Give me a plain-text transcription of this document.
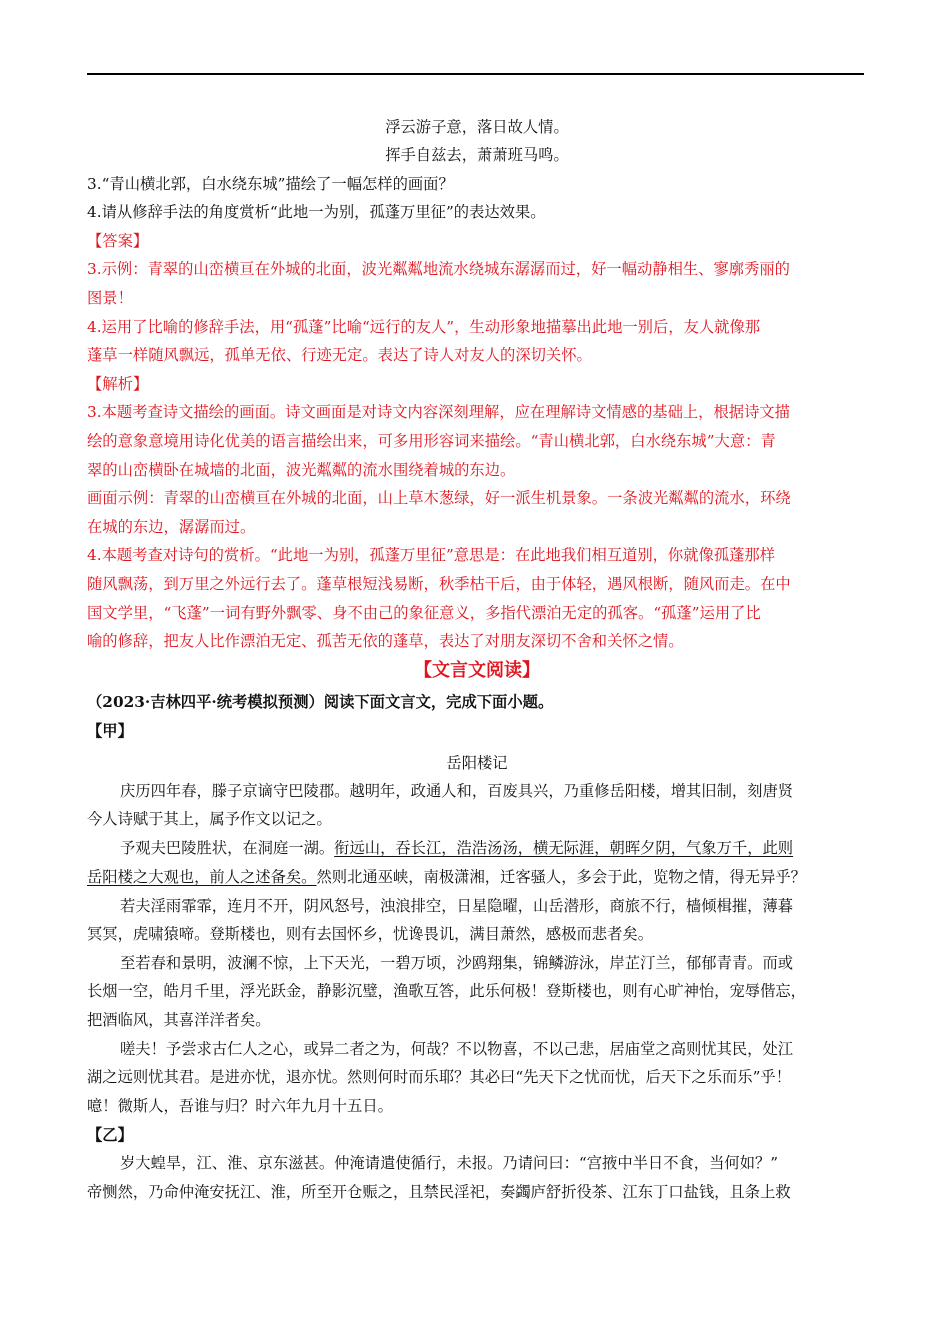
浮云游子意，落日故人情。
挥手自兹去，萧萧班马鸣。
3.“青山横北郭，白水绕东城”描绘了一幅怎样的画面？
4.请从修辞手法的角度赏析“此地一为别，孤蓬万里征”的表达效果。
【答案】
3.示例：青翠的山峦横亘在外城的北面，波光粼粼地流水绕城东潺潺而过，好一幅动静相生、寥廓秀丽的
图景！
4.运用了比喻的修辞手法，用“孤蓬”比喻“远行的友人”，生动形象地描摹出此地一别后，友人就像那
蓬草一样随风飘远，孤单无依、行迹无定。表达了诗人对友人的深切关怀。
【解析】
3.本题考查诗文描绘的画面。诗文画面是对诗文内容深刻理解，应在理解诗文情感的基础上，根据诗文描
绘的意象意境用诗化优美的语言描绘出来，可多用形容词来描绘。“青山横北郭，白水绕东城”大意：青
翠的山峦横卧在城墙的北面，波光粼粼的流水围绕着城的东边。
画面示例：青翠的山峦横亘在外城的北面，山上草木葱绿，好一派生机景象。一条波光粼粼的流水，环绕
在城的东边，潺潺而过。
4.本题考查对诗句的赏析。“此地一为别，孤蓬万里征”意思是：在此地我们相互道别，你就像孤蓬那样
随风飘荡，到万里之外远行去了。蓬草根短浅易断，秋季枯干后，由于体轻，遇风根断，随风而走。在中
国文学里，“飞蓬”一词有野外飘零、身不由己的象征意义，多指代漂泊无定的孤客。“孤蓬”运用了比
喻的修辞，把友人比作漂泊无定、孤苦无依的蓬草，表达了对朋友深切不舍和关怀之情。
【文言文阅读】
（2023·吉林四平·统考模拟预测）阅读下面文言文，完成下面小题。
【甲】
岳阳楼记
庆历四年春，滕子京谪守巴陵郡。越明年，政通人和，百废具兴，乃重修岳阳楼，增其旧制，刻唐贤
今人诗赋于其上，属予作文以记之。
予观夫巴陵胜状，在洞庭一湖。衔远山，吞长江，浩浩汤汤，横无际涯，朝晖夕阴，气象万千，此则
岳阳楼之大观也，前人之述备矣。然则北通巫峡，南极潇湘，迁客骚人，多会于此，览物之情，得无异乎？
若夫淫雨霏霏，连月不开，阴风怒号，浊浪排空，日星隐曜，山岳潜形，商旅不行，樯倾楫摧，薄暮
冥冥，虎啸猿啼。登斯楼也，则有去国怀乡，忧谗畏讥，满目萧然，感极而悲者矣。
至若春和景明，波澜不惊，上下天光，一碧万顷，沙鸥翔集，锦鳞游泳，岸芷汀兰，郁郁青青。而或
长烟一空，皓月千里，浮光跃金，静影沉璧，渔歌互答，此乐何极！登斯楼也，则有心旷神怡，宠辱偕忘，
把酒临风，其喜洋洋者矣。
嗟夫！予尝求古仁人之心，或异二者之为，何哉？不以物喜，不以己悲，居庙堂之高则忧其民，处江
湖之远则忧其君。是进亦忧，退亦忧。然则何时而乐耶？其必曰“先天下之忧而忧，后天下之乐而乐”乎！
噫！微斯人，吾谁与归？时六年九月十五日。
【乙】
岁大蝗旱，江、淮、京东滋甚。仲淹请遣使循行，未报。乃请问曰：“宫掖中半日不食，当何如？”
帝恻然，乃命仲淹安抚江、淮，所至开仓赈之，且禁民淫祀，奏蠲庐舒折役茶、江东丁口盐钱，且条上救
